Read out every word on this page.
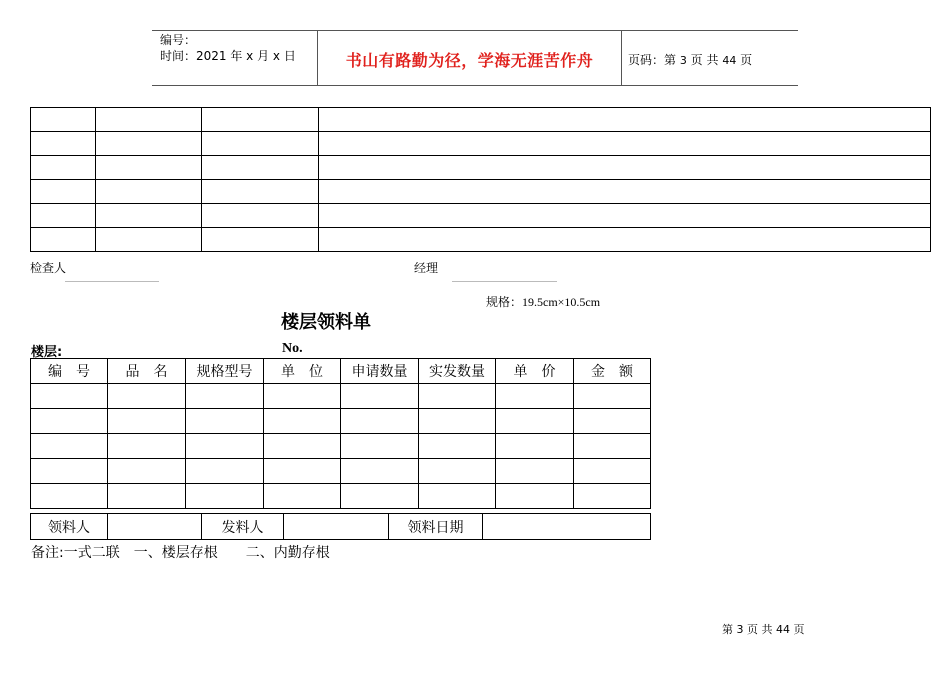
编号：
时间：2021 年 x 月 x 日	书山有路勤为径，学海无涯苦作舟	页码：第 3 页 共 44 页

检查人	经理
规格：19.5cm×10.5cm
楼层领料单
楼层:	No.
编　号	品　名	规格型号	单　位	申请数量	实发数量	单　价	金　额

领料人		发料人		领料日期	
备注:一式二联　一、楼层存根　　二、内勤存根
第 3 页 共 44 页
